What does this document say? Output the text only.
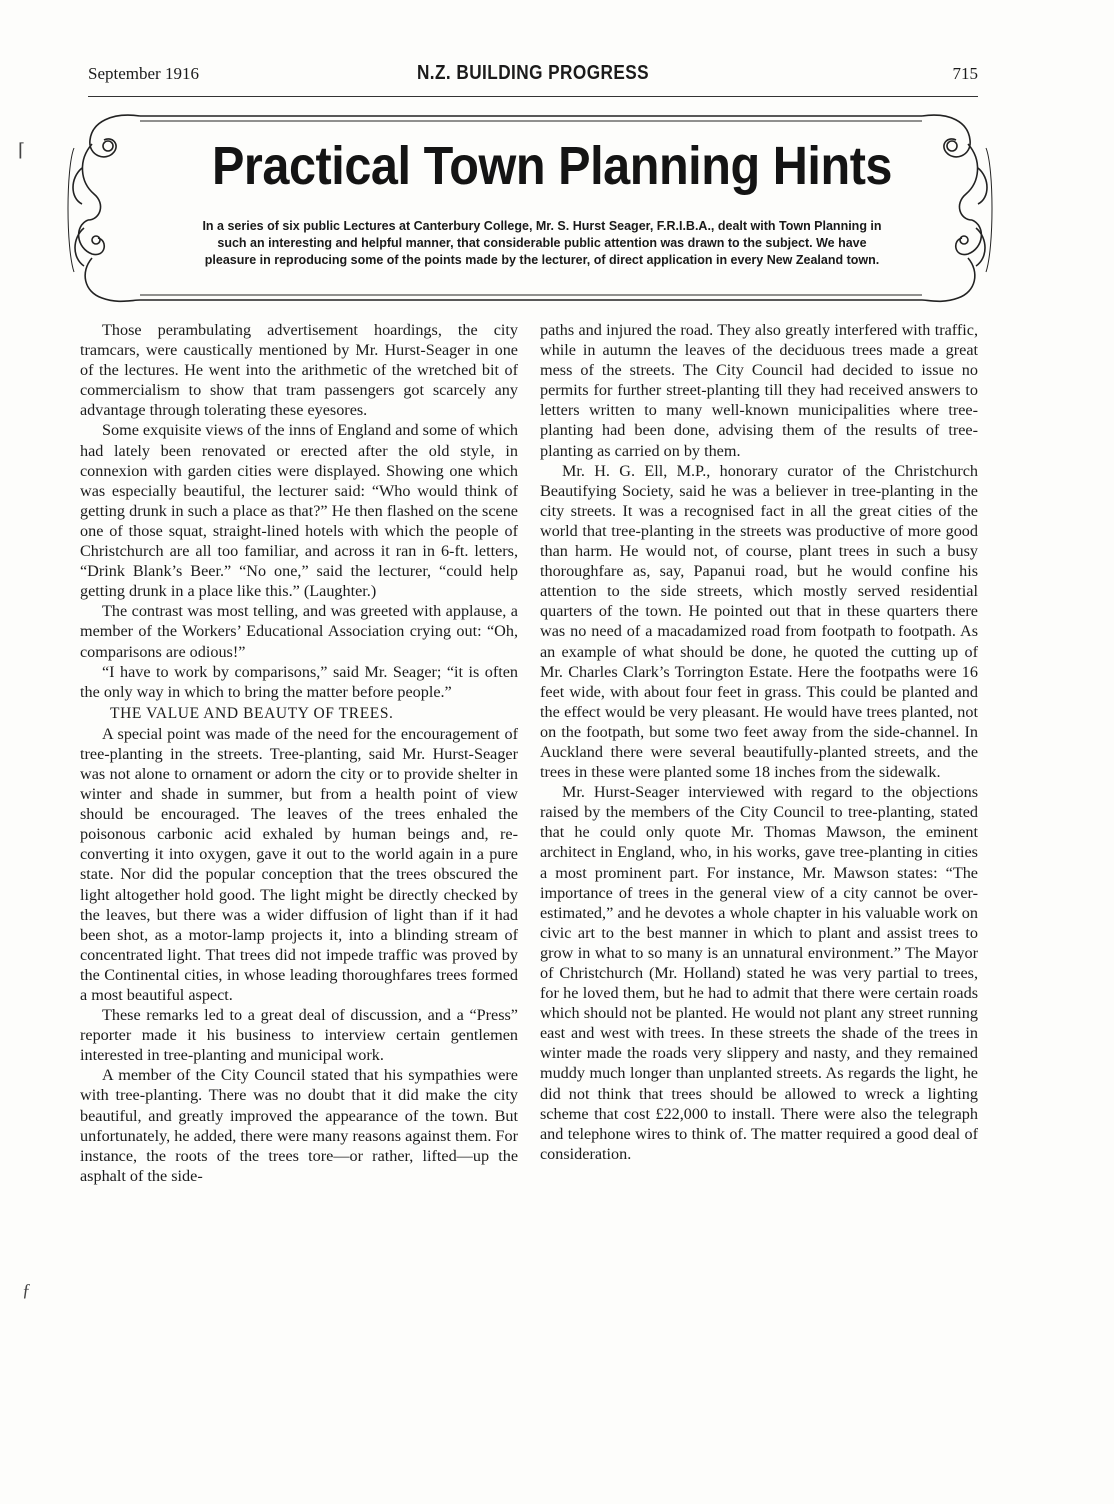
September 1916	N.Z. BUILDING PROGRESS	715
⌈
ƒ
Practical Town Planning Hints
In a series of six public Lectures at Canterbury College, Mr. S. Hurst Seager, F.R.I.B.A., dealt with Town Planning in such an interesting and helpful manner, that considerable public attention was drawn to the subject. We have pleasure in reproducing some of the points made by the lecturer, of direct application in every New Zealand town.

Those perambulating advertisement hoardings, the city tramcars, were caustically mentioned by Mr. Hurst-Seager in one of the lectures. He went into the arithmetic of the wretched bit of commercialism to show that tram passengers got scarcely any advantage through tolerating these eyesores.

Some exquisite views of the inns of England and some of which had lately been renovated or erected after the old style, in connexion with garden cities were displayed. Showing one which was especially beautiful, the lecturer said: “Who would think of getting drunk in such a place as that?” He then flashed on the scene one of those squat, straight-lined hotels with which the people of Christchurch are all too familiar, and across it ran in 6-ft. letters, “Drink Blank’s Beer.” “No one,” said the lecturer, “could help getting drunk in a place like this.” (Laughter.)

The contrast was most telling, and was greeted with applause, a member of the Workers’ Educational Association crying out: “Oh, comparisons are odious!”

“I have to work by comparisons,” said Mr. Seager; “it is often the only way in which to bring the matter before people.”

THE VALUE AND BEAUTY OF TREES.

A special point was made of the need for the encouragement of tree-planting in the streets. Tree-planting, said Mr. Hurst-Seager was not alone to ornament or adorn the city or to provide shelter in winter and shade in summer, but from a health point of view should be encouraged. The leaves of the trees enhaled the poisonous carbonic acid exhaled by human beings and, re-converting it into oxygen, gave it out to the world again in a pure state. Nor did the popular conception that the trees obscured the light altogether hold good. The light might be directly checked by the leaves, but there was a wider diffusion of light than if it had been shot, as a motor-lamp projects it, into a blinding stream of concentrated light. That trees did not impede traffic was proved by the Continental cities, in whose leading thoroughfares trees formed a most beautiful aspect.

These remarks led to a great deal of discussion, and a “Press” reporter made it his business to interview certain gentlemen interested in tree-planting and municipal work.

A member of the City Council stated that his sympathies were with tree-planting. There was no doubt that it did make the city beautiful, and greatly improved the appearance of the town. But unfortunately, he added, there were many reasons against them. For instance, the roots of the trees tore—or rather, lifted—up the asphalt of the side-

paths and injured the road. They also greatly interfered with traffic, while in autumn the leaves of the deciduous trees made a great mess of the streets. The City Council had decided to issue no permits for further street-planting till they had received answers to letters written to many well-known municipalities where tree-planting had been done, advising them of the results of tree-planting as carried on by them.

Mr. H. G. Ell, M.P., honorary curator of the Christchurch Beautifying Society, said he was a believer in tree-planting in the city streets. It was a recognised fact in all the great cities of the world that tree-planting in the streets was productive of more good than harm. He would not, of course, plant trees in such a busy thoroughfare as, say, Papanui road, but he would confine his attention to the side streets, which mostly served residential quarters of the town. He pointed out that in these quarters there was no need of a macadamized road from footpath to footpath. As an example of what should be done, he quoted the cutting up of Mr. Charles Clark’s Torrington Estate. Here the footpaths were 16 feet wide, with about four feet in grass. This could be planted and the effect would be very pleasant. He would have trees planted, not on the footpath, but some two feet away from the side-channel. In Auckland there were several beautifully-planted streets, and the trees in these were planted some 18 inches from the sidewalk.

Mr. Hurst-Seager interviewed with regard to the objections raised by the members of the City Council to tree-planting, stated that he could only quote Mr. Thomas Mawson, the eminent architect in England, who, in his works, gave tree-planting in cities a most prominent part. For instance, Mr. Mawson states: “The importance of trees in the general view of a city cannot be over-estimated,” and he devotes a whole chapter in his valuable work on civic art to the best manner in which to plant and assist trees to grow in what to so many is an unnatural environment.” The Mayor of Christchurch (Mr. Holland) stated he was very partial to trees, for he loved them, but he had to admit that there were certain roads which should not be planted. He would not plant any street running east and west with trees. In these streets the shade of the trees in winter made the roads very slippery and nasty, and they remained muddy much longer than unplanted streets. As regards the light, he did not think that trees should be allowed to wreck a lighting scheme that cost £22,000 to install. There were also the telegraph and telephone wires to think of. The matter required a good deal of consideration.
